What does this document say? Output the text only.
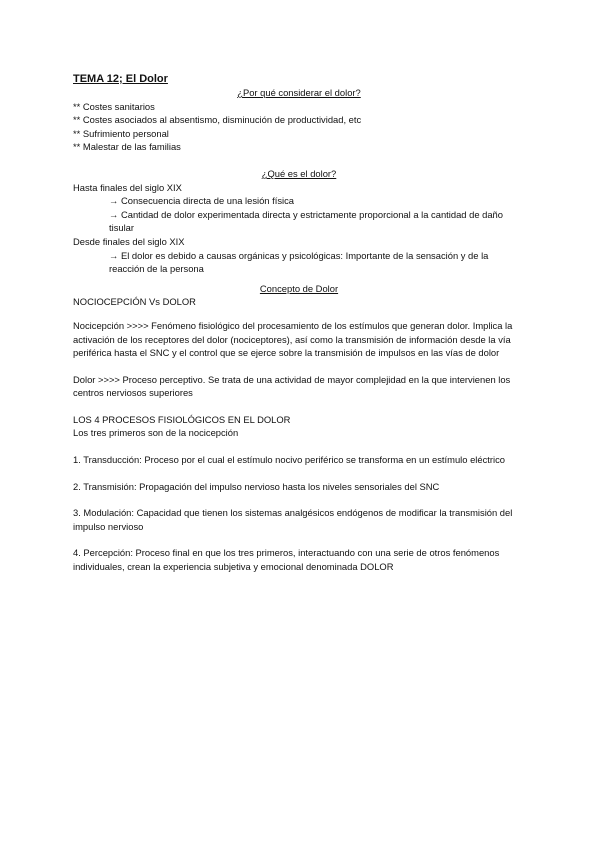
TEMA 12; El Dolor
¿Por qué considerar el dolor?
** Costes sanitarios
** Costes asociados al absentismo, disminución de productividad, etc
** Sufrimiento personal
** Malestar de las familias
¿Qué es el dolor?
Hasta finales del siglo XIX
→ Consecuencia directa de una lesión física
→ Cantidad de dolor experimentada directa y estrictamente proporcional a la cantidad de daño tisular
Desde finales del siglo XIX
→ El dolor es debido a causas orgánicas y psicológicas: Importante de la sensación y de la reacción de la persona
Concepto de Dolor
NOCIOCEPCIÓN Vs DOLOR
Nocicepción >>>> Fenómeno fisiológico del procesamiento de los estímulos que generan dolor. Implica la activación de los receptores del dolor (nociceptores), así como la transmisión de información desde la vía periférica hasta el SNC y el control que se ejerce sobre la transmisión de impulsos en las vías de dolor
Dolor >>>> Proceso perceptivo. Se trata de una actividad de mayor complejidad en la que intervienen los centros nerviosos superiores
LOS 4 PROCESOS FISIOLÓGICOS EN EL DOLOR
Los tres primeros son de la nocicepción
1. Transducción: Proceso por el cual el estímulo nocivo periférico se transforma en un estímulo eléctrico
2. Transmisión: Propagación del impulso nervioso hasta los niveles sensoriales del SNC
3. Modulación: Capacidad que tienen los sistemas analgésicos endógenos de modificar la transmisión del impulso nervioso
4. Percepción: Proceso final en que los tres primeros, interactuando con una serie de otros fenómenos individuales, crean la experiencia subjetiva y emocional denominada DOLOR
